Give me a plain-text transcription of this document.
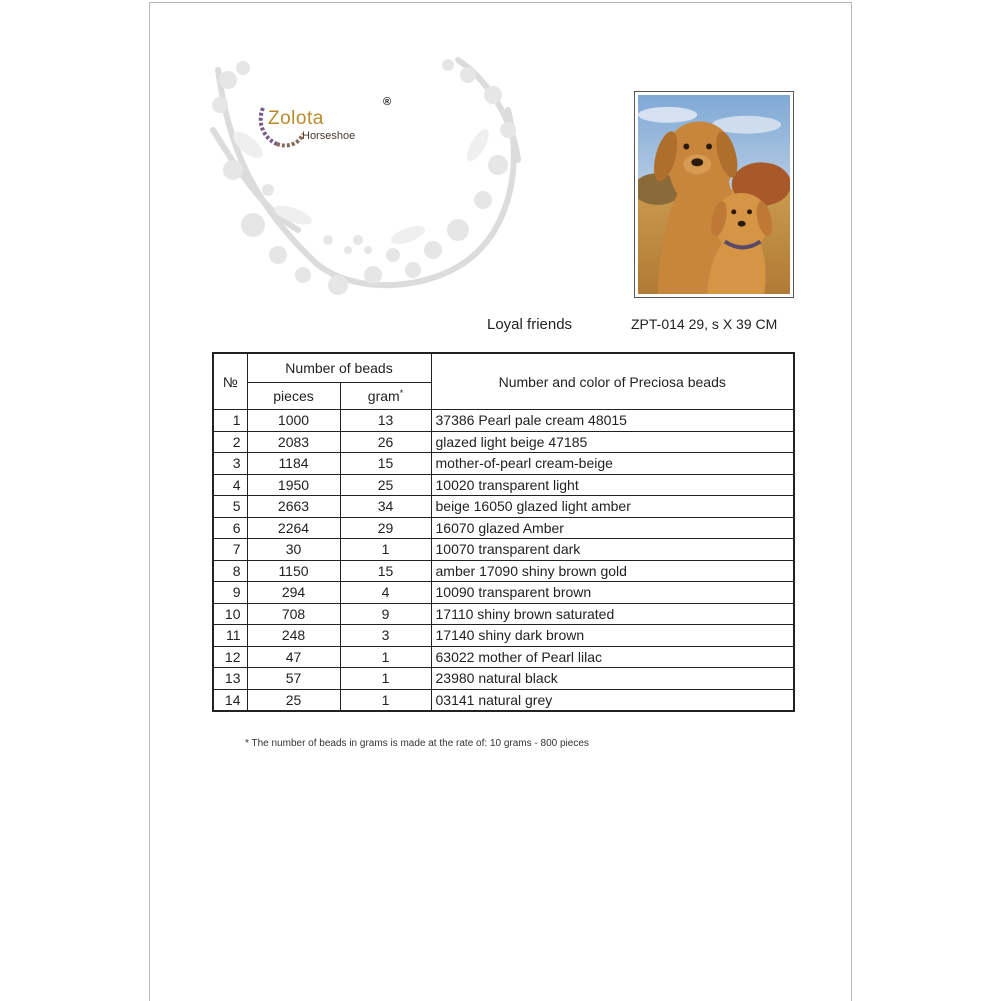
Zolota
®
Horseshoe
Loyal friends	ZPT-014 29, s X 39 CM
№	Number of beads		Number and color of Preciosa beads
	pieces	gram*
1	1000	13	37386 Pearl pale cream 48015
2	2083	26	glazed light beige 47185
3	1184	15	mother-of-pearl cream-beige
4	1950	25	10020 transparent light
5	2663	34	beige 16050 glazed light amber
6	2264	29	16070 glazed Amber
7	30	1	10070 transparent dark
8	1150	15	amber 17090 shiny brown gold
9	294	4	10090 transparent brown
10	708	9	17110 shiny brown saturated
11	248	3	17140 shiny dark brown
12	47	1	63022 mother of Pearl lilac
13	57	1	23980 natural black
14	25	1	03141 natural grey
* The number of beads in grams is made at the rate of: 10 grams - 800 pieces
